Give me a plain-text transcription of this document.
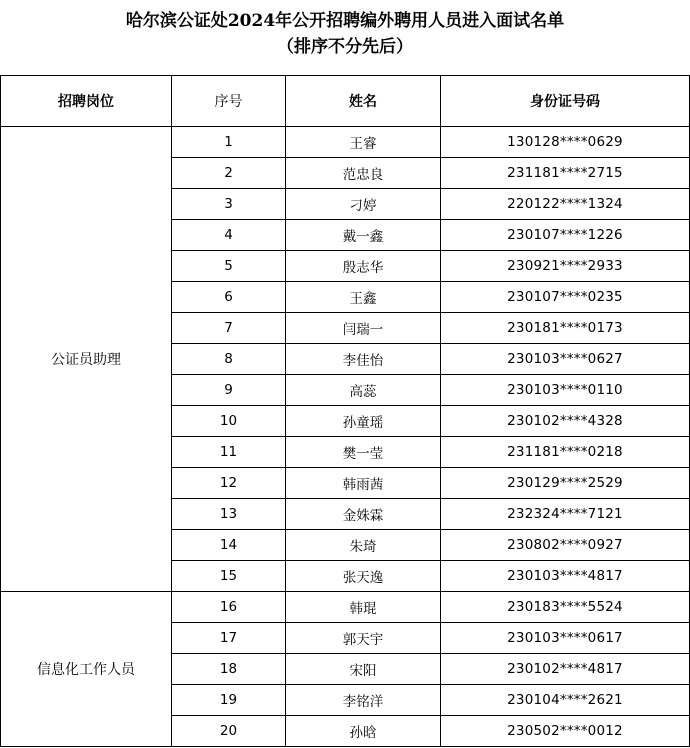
哈尔滨公证处2024年公开招聘编外聘用人员进入面试名单
（排序不分先后）
招聘岗位	序号	姓名	身份证号码
公证员助理	1	王睿	130128****0629
	2	范忠良	231181****2715
	3	刁婷	220122****1324
	4	戴一鑫	230107****1226
	5	殷志华	230921****2933
	6	王鑫	230107****0235
	7	闫瑞一	230181****0173
	8	李佳怡	230103****0627
	9	高蕊	230103****0110
	10	孙童瑶	230102****4328
	11	樊一莹	231181****0218
	12	韩雨茜	230129****2529
	13	金姝霖	232324****7121
	14	朱琦	230802****0927
	15	张天逸	230103****4817
信息化工作人员	16	韩琨	230183****5524
	17	郭天宇	230103****0617
	18	宋阳	230102****4817
	19	李铭洋	230104****2621
	20	孙晗	230502****0012
